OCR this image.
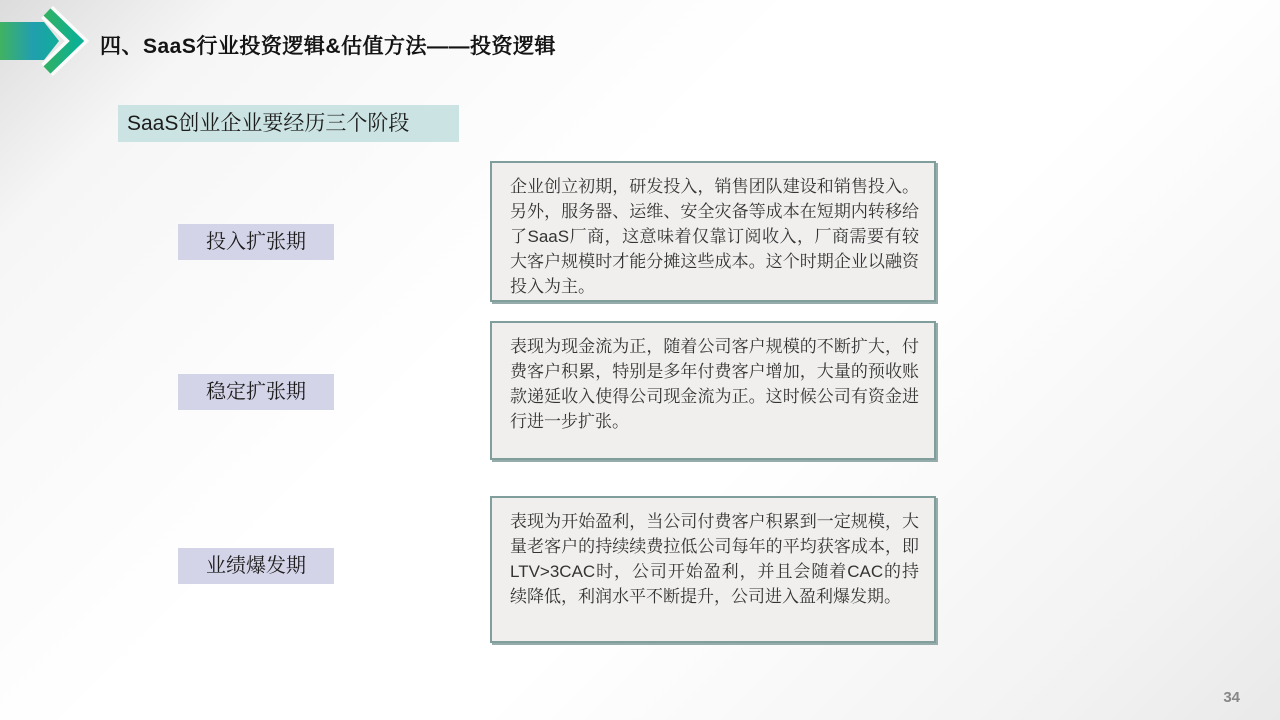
四、SaaS行业投资逻辑&估值方法——投资逻辑
SaaS创业企业要经历三个阶段
投入扩张期

企业创立初期，研发投入，销售团队建设和销售投入。另外，服务器、运维、安全灾备等成本在短期内转移给了SaaS厂商，这意味着仅靠订阅收入，厂商需要有较大客户规模时才能分摊这些成本。这个时期企业以融资投入为主。

稳定扩张期

表现为现金流为正，随着公司客户规模的不断扩大，付费客户积累，特别是多年付费客户增加，大量的预收账款递延收入使得公司现金流为正。这时候公司有资金进行进一步扩张。

业绩爆发期

表现为开始盈利，当公司付费客户积累到一定规模，大量老客户的持续续费拉低公司每年的平均获客成本，即LTV>3CAC时，公司开始盈利，并且会随着CAC的持续降低，利润水平不断提升，公司进入盈利爆发期。

34
